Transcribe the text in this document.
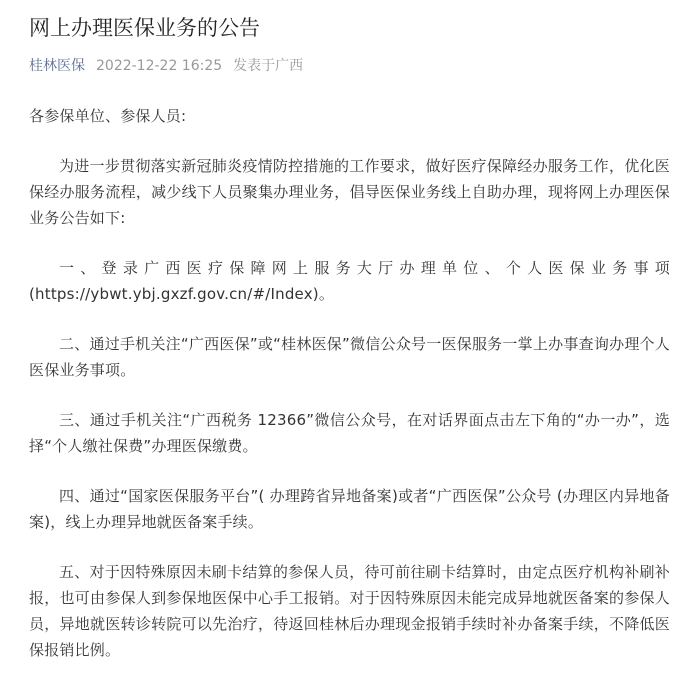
网上办理医保业务的公告
桂林医保 2022-12-22 16:25 发表于广西

各参保单位、参保人员:

为进一步贯彻落实新冠肺炎疫情防控措施的工作要求，做好医疗保障经办服务工作，优化医保经办服务流程，减少线下人员聚集办理业务，倡导医保业务线上自助办理，现将网上办理医保业务公告如下:

一、登录广西医疗保障网上服务大厅办理单位、个人医保业务事项(https://ybwt.ybj.gxzf.gov.cn/#/Index)。

二、通过手机关注“广西医保”或“桂林医保”微信公众号一医保服务一掌上办事查询办理个人医保业务事项。

三、通过手机关注“广西税务 12366”微信公众号，在对话界面点击左下角的“办一办”，选择“个人缴社保费”办理医保缴费。

四、通过“国家医保服务平台”( 办理跨省异地备案)或者“广西医保”公众号 (办理区内异地备案)，线上办理异地就医备案手续。

五、对于因特殊原因未刷卡结算的参保人员，待可前往刷卡结算时，由定点医疗机构补刷补报，也可由参保人到参保地医保中心手工报销。对于因特殊原因未能完成异地就医备案的参保人员，异地就医转诊转院可以先治疗，待返回桂林后办理现金报销手续时补办备案手续，不降低医保报销比例。
